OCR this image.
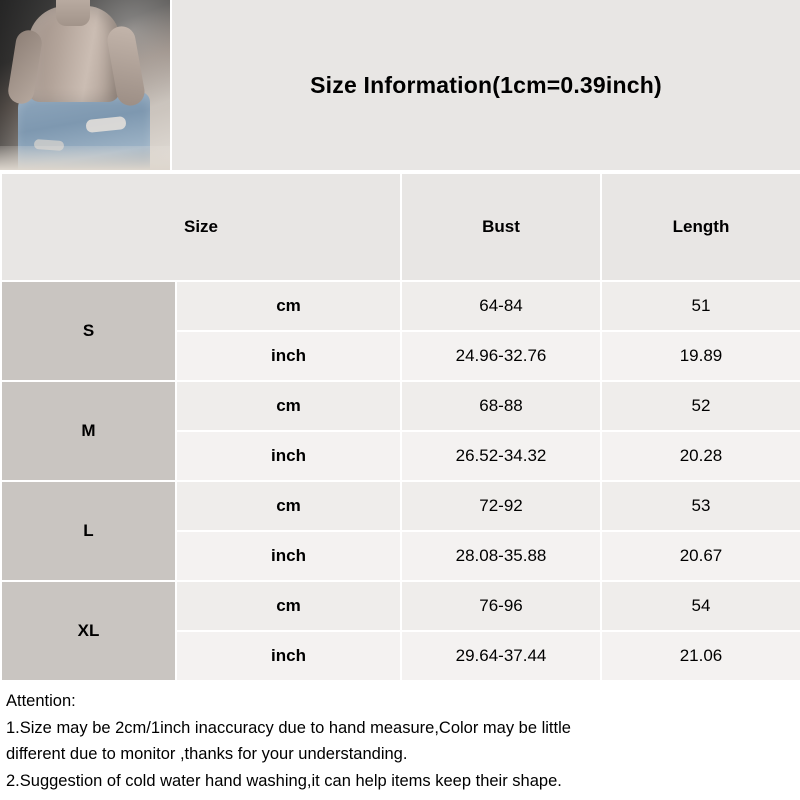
Size Information(1cm=0.39inch)
Size		Bust	Length
S	cm	64-84	51
	inch	24.96-32.76	19.89
M	cm	68-88	52
	inch	26.52-34.32	20.28
L	cm	72-92	53
	inch	28.08-35.88	20.67
XL	cm	76-96	54
	inch	29.64-37.44	21.06
Attention:
1.Size may be 2cm/1inch inaccuracy due to hand measure,Color may be little
different due to monitor ,thanks for your understanding.
2.Suggestion of cold water hand washing,it can help items keep their shape.
